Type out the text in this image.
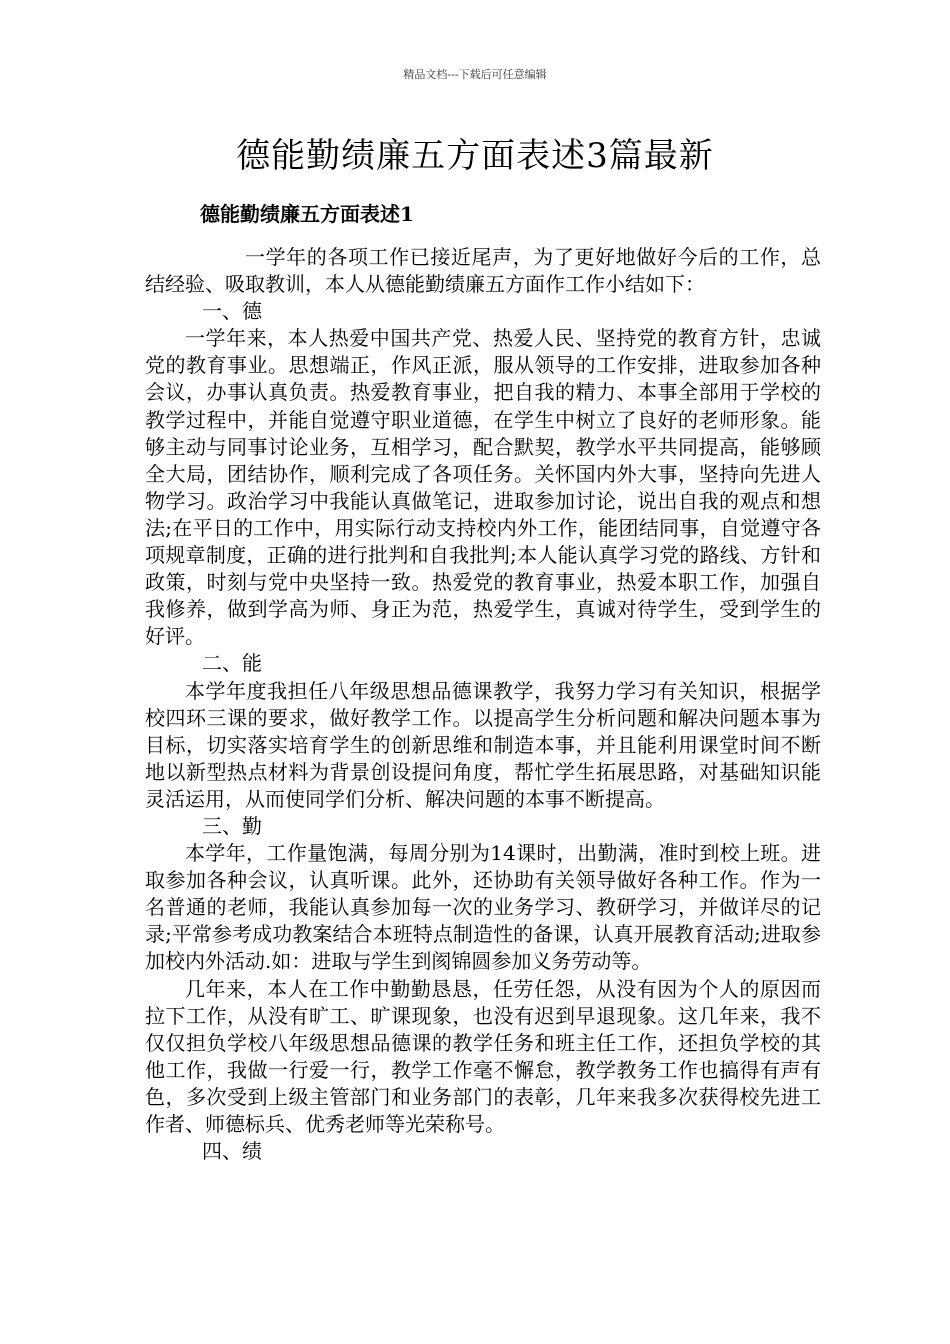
精品文档---下载后可任意编辑
德能勤绩廉五方面表述3篇最新
德能勤绩廉五方面表述1

一学年的各项工作已接近尾声，为了更好地做好今后的工作，总结经验、吸取教训，本人从德能勤绩廉五方面作工作小结如下：

一、德

一学年来，本人热爱中国共产党、热爱人民、坚持党的教育方针，忠诚党的教育事业。思想端正，作风正派，服从领导的工作安排，进取参加各种会议，办事认真负责。热爱教育事业，把自我的精力、本事全部用于学校的教学过程中，并能自觉遵守职业道德，在学生中树立了良好的老师形象。能够主动与同事讨论业务，互相学习，配合默契，教学水平共同提高，能够顾全大局，团结协作，顺利完成了各项任务。关怀国内外大事，坚持向先进人物学习。政治学习中我能认真做笔记，进取参加讨论，说出自我的观点和想法;在平日的工作中，用实际行动支持校内外工作，能团结同事，自觉遵守各项规章制度，正确的进行批判和自我批判;本人能认真学习党的路线、方针和政策，时刻与党中央坚持一致。热爱党的教育事业，热爱本职工作，加强自我修养，做到学高为师、身正为范，热爱学生，真诚对待学生，受到学生的好评。

二、能

本学年度我担任八年级思想品德课教学，我努力学习有关知识，根据学校四环三课的要求，做好教学工作。以提高学生分析问题和解决问题本事为目标，切实落实培育学生的创新思维和制造本事，并且能利用课堂时间不断地以新型热点材料为背景创设提问角度，帮忙学生拓展思路，对基础知识能灵活运用，从而使同学们分析、解决问题的本事不断提高。

三、勤

本学年，工作量饱满，每周分别为14课时，出勤满，准时到校上班。进取参加各种会议，认真听课。此外，还协助有关领导做好各种工作。作为一名普通的老师，我能认真参加每一次的业务学习、教研学习，并做详尽的记录;平常参考成功教案结合本班特点制造性的备课，认真开展教育活动;进取参加校内外活动.如：进取与学生到阂锦圆参加义务劳动等。

几年来，本人在工作中勤勤恳恳，任劳任怨，从没有因为个人的原因而拉下工作，从没有旷工、旷课现象，也没有迟到早退现象。这几年来，我不仅仅担负学校八年级思想品德课的教学任务和班主任工作，还担负学校的其他工作，我做一行爱一行，教学工作毫不懈怠，教学教务工作也搞得有声有色，多次受到上级主管部门和业务部门的表彰，几年来我多次获得校先进工作者、师德标兵、优秀老师等光荣称号。

四、绩
